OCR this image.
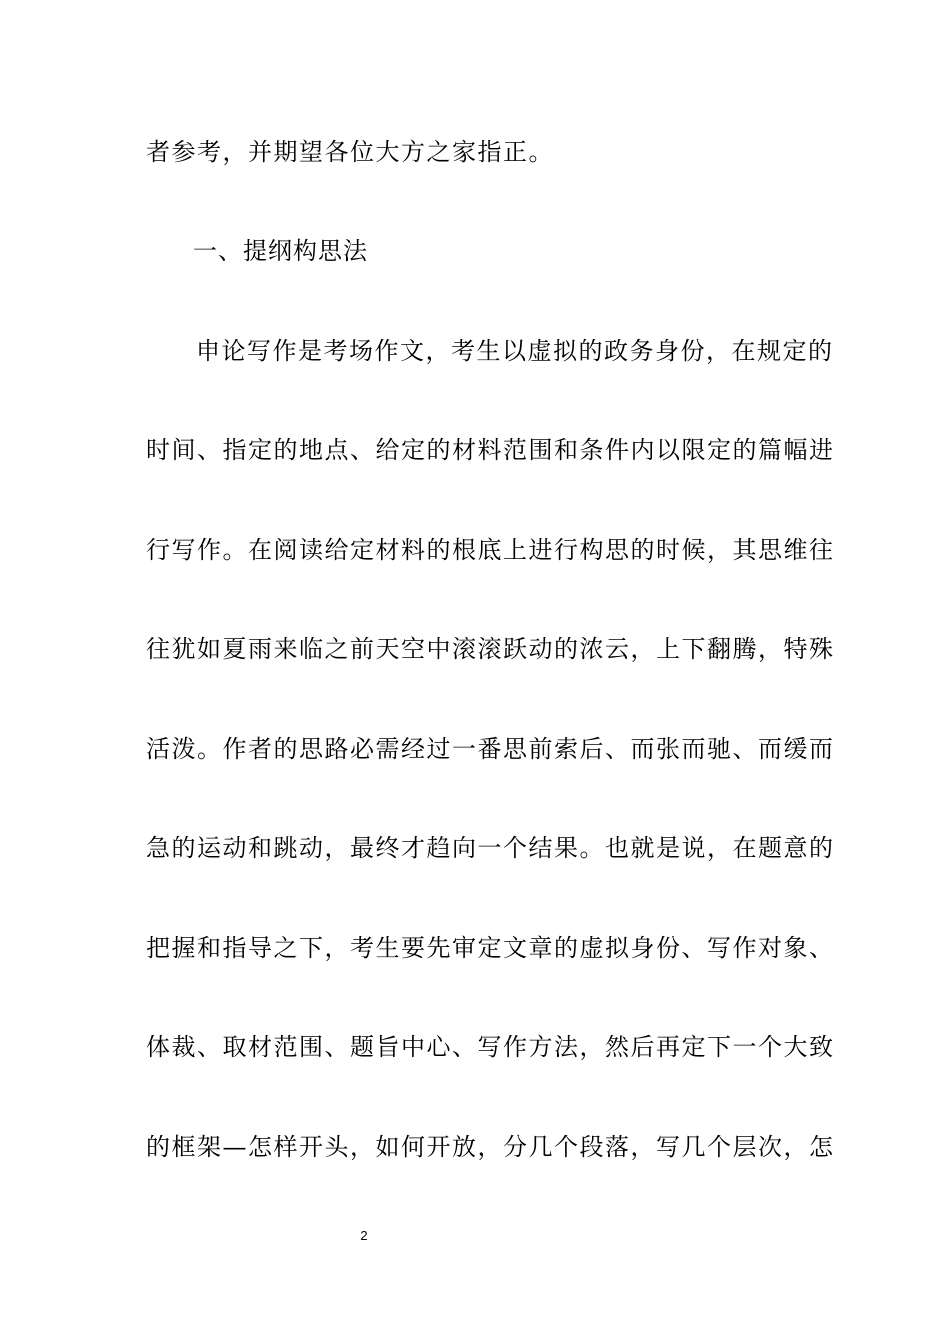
者参考，并期望各位大方之家指正。
一、提纲构思法
申论写作是考场作文，考生以虚拟的政务身份，在规定的
时间、指定的地点、给定的材料范围和条件内以限定的篇幅进
行写作。在阅读给定材料的根底上进行构思的时候，其思维往
往犹如夏雨来临之前天空中滚滚跃动的浓云，上下翻腾，特殊
活泼。作者的思路必需经过一番思前索后、而张而驰、而缓而
急的运动和跳动，最终才趋向一个结果。也就是说，在题意的
把握和指导之下，考生要先审定文章的虚拟身份、写作对象、
体裁、取材范围、题旨中心、写作方法，然后再定下一个大致
的框架—怎样开头，如何开放，分几个段落，写几个层次，怎
2
